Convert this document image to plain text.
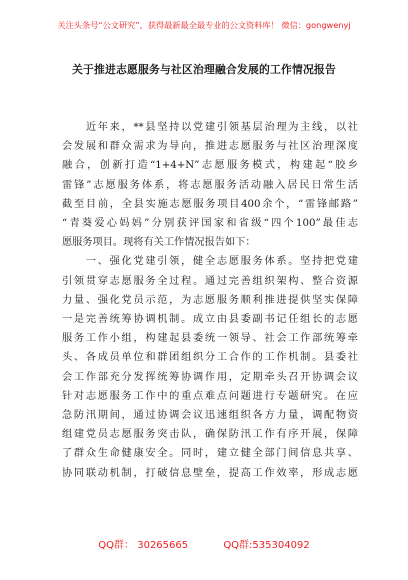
关注头条号“公文研究”，获得最新最全最专业的公文资料库！ 微信：gongwenyj
关于推进志愿服务与社区治理融合发展的工作情况报告
　　近年来，**县坚持以党建引领基层治理为主线，以社
会发展和群众需求为导向，推进志愿服务与社区治理深度
融合，创新打造“1+4+N”志愿服务模式，构建起“胶乡
雷锋”志愿服务体系，将志愿服务活动融入居民日常生活
截至目前，全县实施志愿服务项目400余个，“雷锋邮路”
“青葵爱心妈妈”分别获评国家和省级“四个100”最佳志
愿服务项目。现将有关工作情况报告如下：
　　一、强化党建引领，健全志愿服务体系。坚持把党建
引领贯穿志愿服务全过程。通过完善组织架构、整合资源
力量、强化党员示范，为志愿服务顺利推进提供坚实保障
一是完善统筹协调机制。成立由县委副书记任组长的志愿
服务工作小组，构建起县委统一领导、社会工作部统筹牵
头、各成员单位和群团组织分工合作的工作机制。县委社
会工作部充分发挥统筹协调作用，定期牵头召开协调会议
针对志愿服务工作中的重点难点问题进行专题研究。在应
急防汛期间，通过协调会议迅速组织各方力量，调配物资
组建党员志愿服务突击队，确保防汛工作有序开展，保障
了群众生命健康安全。同时，建立健全部门间信息共享、
协同联动机制，打破信息壁垒，提高工作效率，形成志愿
QQ群： 30265665	QQ群:535304092
